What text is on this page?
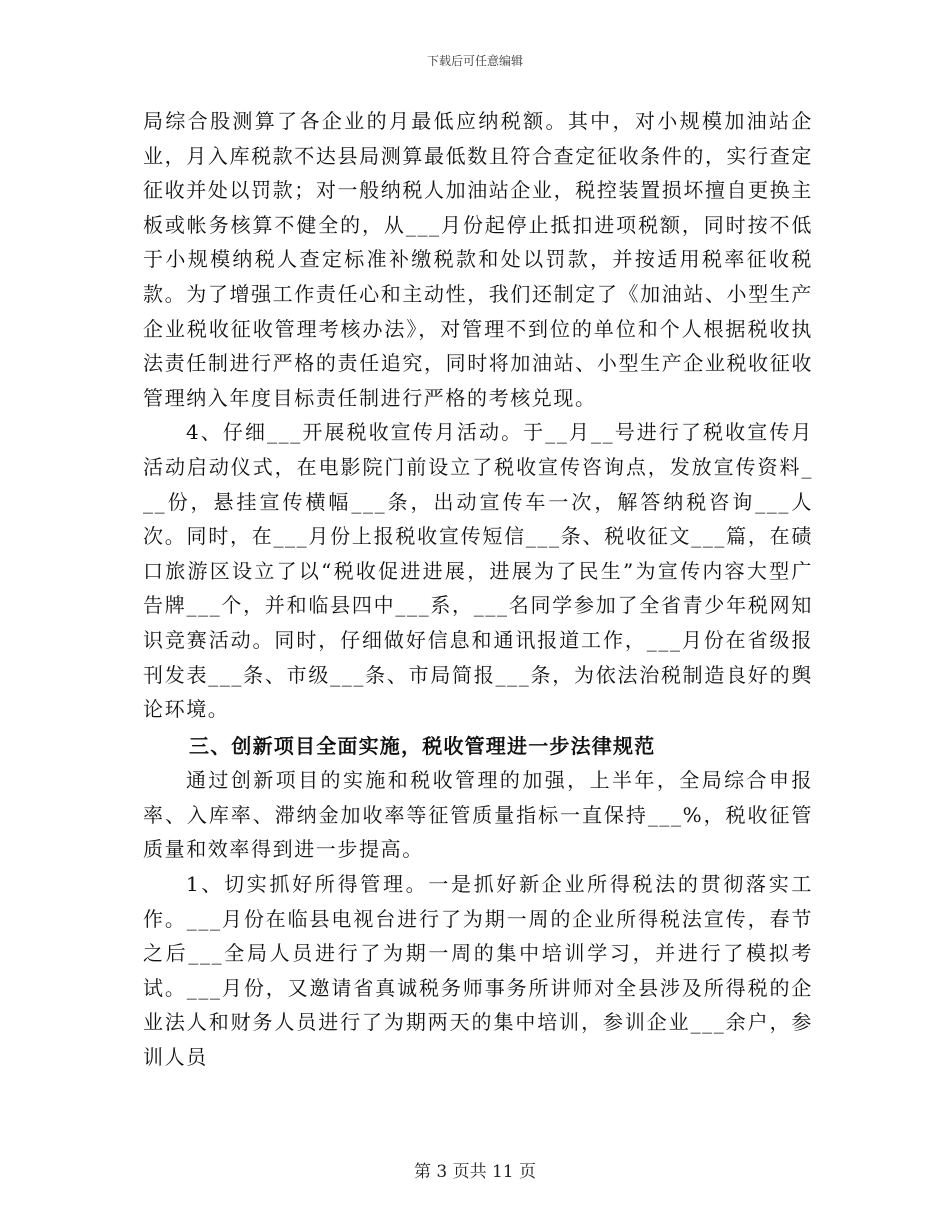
下载后可任意编辑

局综合股测算了各企业的月最低应纳税额。其中，对小规模加油站企业，月入库税款不达县局测算最低数且符合查定征收条件的，实行查定征收并处以罚款；对一般纳税人加油站企业，税控装置损坏擅自更换主板或帐务核算不健全的，从___月份起停止抵扣进项税额，同时按不低于小规模纳税人查定标准补缴税款和处以罚款，并按适用税率征收税款。为了增强工作责任心和主动性，我们还制定了《加油站、小型生产企业税收征收管理考核办法》，对管理不到位的单位和个人根据税收执法责任制进行严格的责任追究，同时将加油站、小型生产企业税收征收管理纳入年度目标责任制进行严格的考核兑现。

4、仔细___开展税收宣传月活动。于__月__号进行了税收宣传月活动启动仪式，在电影院门前设立了税收宣传咨询点，发放宣传资料___份，悬挂宣传横幅___条，出动宣传车一次，解答纳税咨询___人次。同时，在___月份上报税收宣传短信___条、税收征文___篇，在碛口旅游区设立了以“税收促进进展，进展为了民生”为宣传内容大型广告牌___个，并和临县四中___系，___名同学参加了全省青少年税网知识竞赛活动。同时，仔细做好信息和通讯报道工作，___月份在省级报刊发表___条、市级___条、市局简报___条，为依法治税制造良好的舆论环境。

三、创新项目全面实施，税收管理进一步法律规范

通过创新项目的实施和税收管理的加强，上半年，全局综合申报率、入库率、滞纳金加收率等征管质量指标一直保持___%，税收征管质量和效率得到进一步提高。

1、切实抓好所得管理。一是抓好新企业所得税法的贯彻落实工作。___月份在临县电视台进行了为期一周的企业所得税法宣传，春节之后___全局人员进行了为期一周的集中培训学习，并进行了模拟考试。___月份，又邀请省真诚税务师事务所讲师对全县涉及所得税的企业法人和财务人员进行了为期两天的集中培训，参训企业___余户，参训人员

第 3 页共 11 页
